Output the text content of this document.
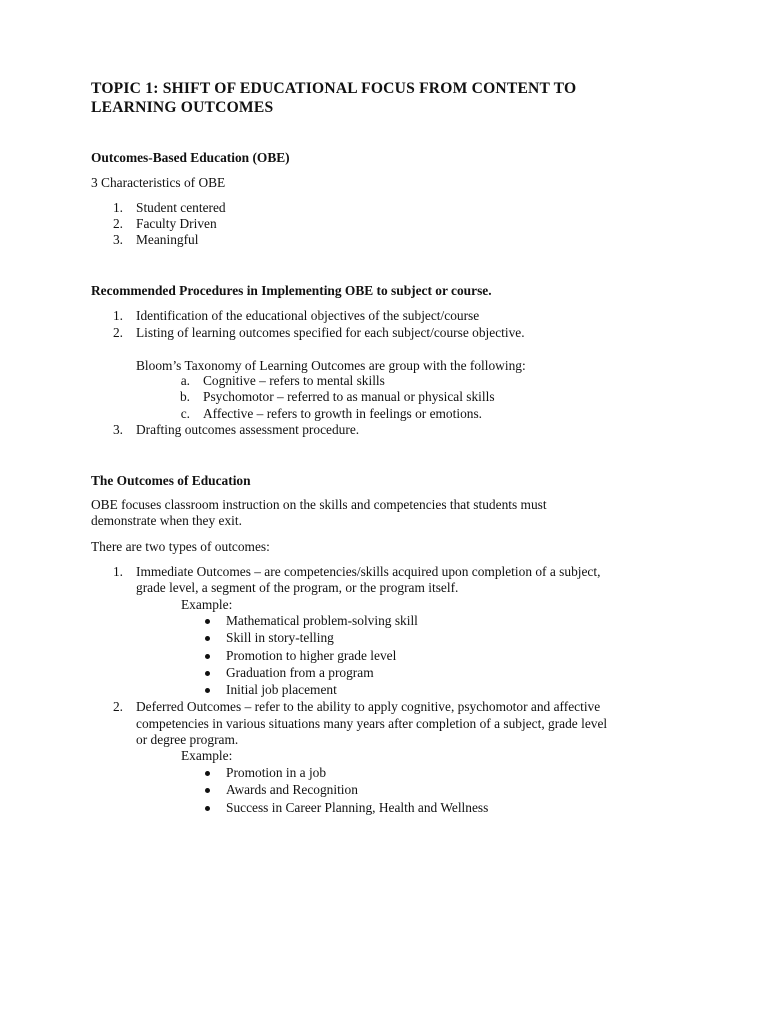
TOPIC 1: SHIFT OF EDUCATIONAL FOCUS FROM CONTENT TO
LEARNING OUTCOMES
Outcomes-Based Education (OBE)
3 Characteristics of OBE
1. Student centered
2. Faculty Driven
3. Meaningful
Recommended Procedures in Implementing OBE to subject or course.
1. Identification of the educational objectives of the subject/course
2. Listing of learning outcomes specified for each subject/course objective.
Bloom’s Taxonomy of Learning Outcomes are group with the following:
a. Cognitive – refers to mental skills
b. Psychomotor – referred to as manual or physical skills
c. Affective – refers to growth in feelings or emotions.
3. Drafting outcomes assessment procedure.
The Outcomes of Education
OBE focuses classroom instruction on the skills and competencies that students must
demonstrate when they exit.
There are two types of outcomes:
1. Immediate Outcomes – are competencies/skills acquired upon completion of a subject,
grade level, a segment of the program, or the program itself.
Example:
Mathematical problem-solving skill
Skill in story-telling
Promotion to higher grade level
Graduation from a program
Initial job placement
2. Deferred Outcomes – refer to the ability to apply cognitive, psychomotor and affective
competencies in various situations many years after completion of a subject, grade level
or degree program.
Example:
Promotion in a job
Awards and Recognition
Success in Career Planning, Health and Wellness
